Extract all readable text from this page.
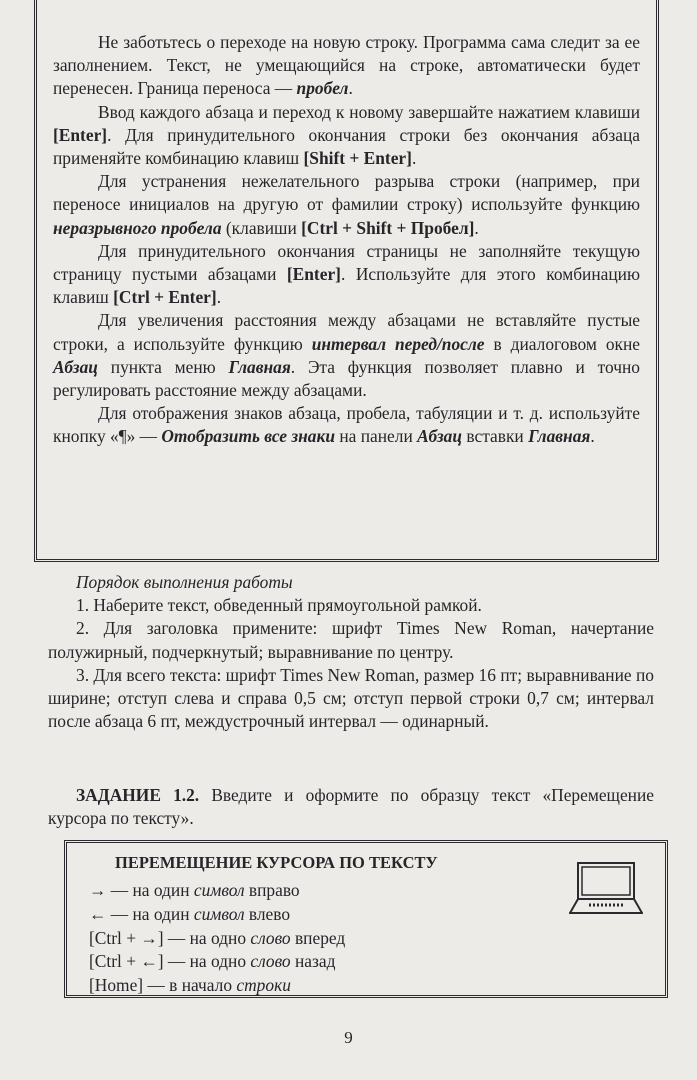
Не заботьтесь о переходе на новую строку. Программа сама следит за ее заполнением. Текст, не умещающийся на строке, автоматически будет перенесен. Граница переноса — пробел.

Ввод каждого абзаца и переход к новому завершайте нажатием клавиши [Enter]. Для принудительного окончания строки без окончания абзаца применяйте комбинацию клавиш [Shift + Enter].

Для устранения нежелательного разрыва строки (например, при переносе инициалов на другую от фамилии строку) используйте функцию неразрывного пробела (клавиши [Ctrl + Shift + Пробел].

Для принудительного окончания страницы не заполняйте текущую страницу пустыми абзацами [Enter]. Используйте для этого комбинацию клавиш [Ctrl + Enter].

Для увеличения расстояния между абзацами не вставляйте пустые строки, а используйте функцию интервал перед/после в диалоговом окне Абзац пункта меню Главная. Эта функция позволяет плавно и точно регулировать расстояние между абзацами.

Для отображения знаков абзаца, пробела, табуляции и т. д. используйте кнопку «¶» — Отобразить все знаки на панели Абзац вставки Главная.

Порядок выполнения работы

1. Наберите текст, обведенный прямоугольной рамкой.

2. Для заголовка примените: шрифт Times New Roman, начертание полужирный, подчеркнутый; выравнивание по центру.

3. Для всего текста: шрифт Times New Roman, размер 16 пт; выравнивание по ширине; отступ слева и справа 0,5 см; отступ первой строки 0,7 см; интервал после абзаца 6 пт, междустрочный интервал — одинарный.

ЗАДАНИЕ 1.2. Введите и оформите по образцу текст «Перемещение курсора по тексту».

ПЕРЕМЕЩЕНИЕ КУРСОРА ПО ТЕКСТУ

→ — на один символ вправо

← — на один символ влево

[Ctrl + →] — на одно слово вперед

[Ctrl + ←] — на одно слово назад

[Home] — в начало строки

9
